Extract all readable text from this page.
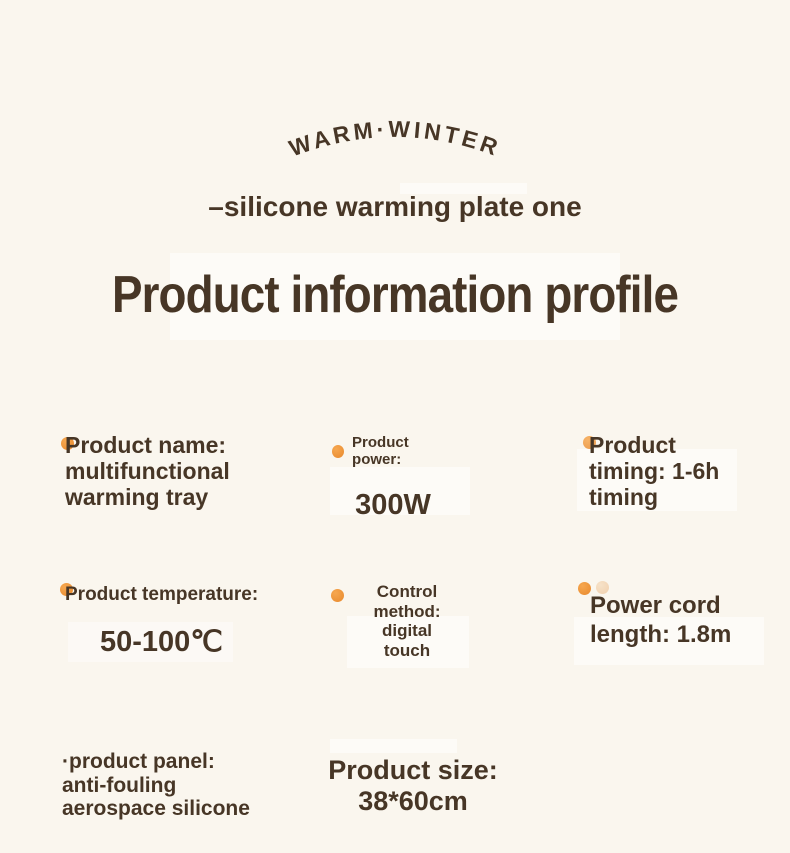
WARM·WINTER
–silicone warming plate one
Product information profile
Product name:
multifunctional
warming tray
Product power:
300W
Product
timing: 1-6h
timing
Product temperature:
50-100℃
Control
method:
digital
touch
Power cord
length: 1.8m
·product panel:
anti-fouling
aerospace silicone
Product size:
38*60cm
